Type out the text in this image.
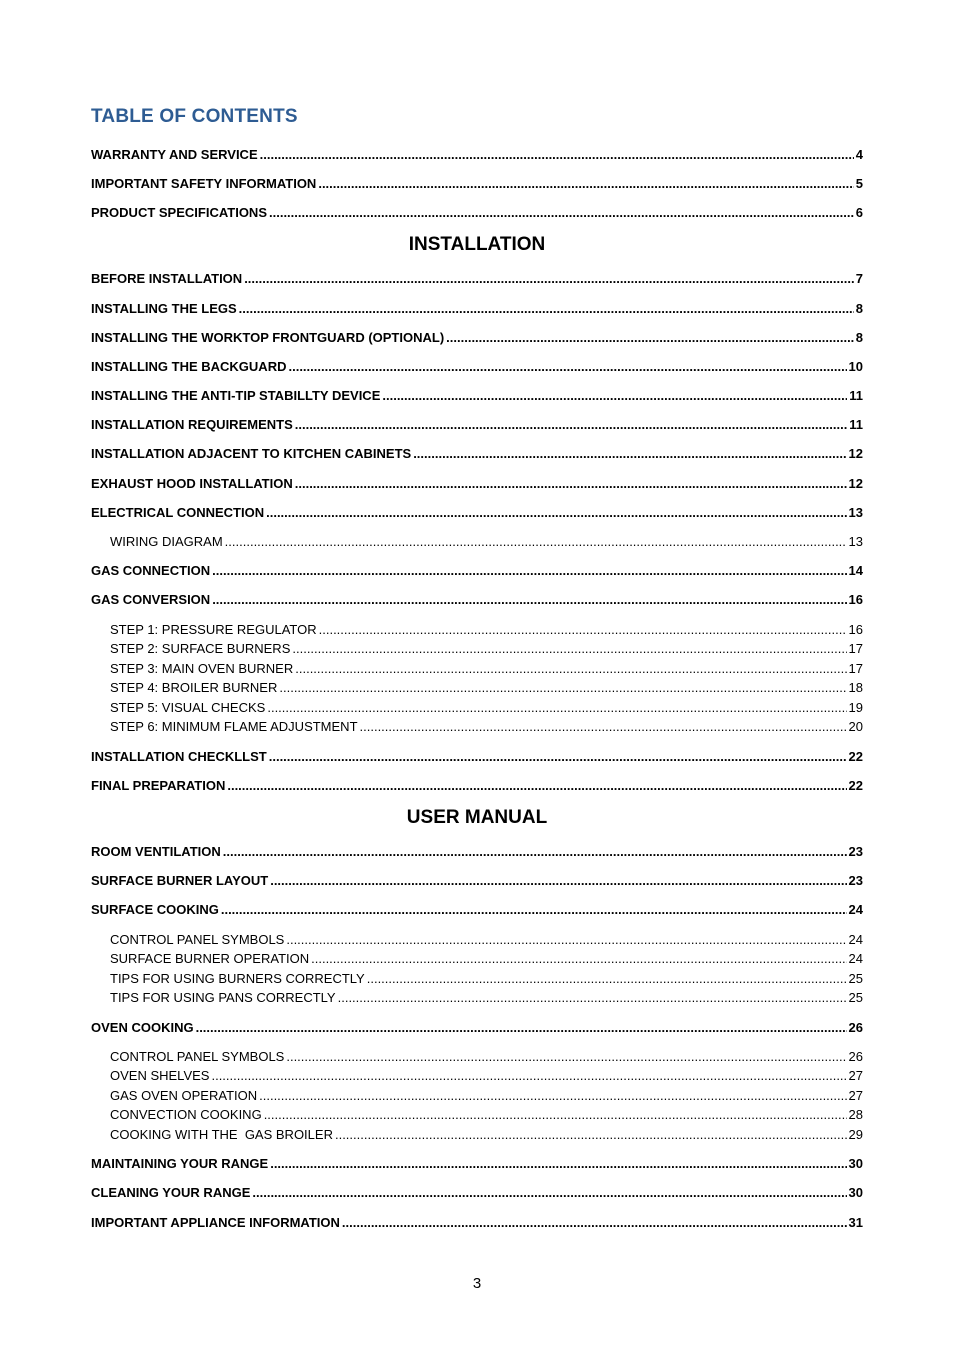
TABLE OF CONTENTS
WARRANTY AND SERVICE .....	4
IMPORTANT SAFETY INFORMATION .....	5
PRODUCT SPECIFICATIONS .....	6
INSTALLATION
BEFORE INSTALLATION .....	7
INSTALLING THE LEGS .....	8
INSTALLING THE WORKTOP FRONTGUARD (OPTIONAL) .....	8
INSTALLING THE BACKGUARD .....	10
INSTALLING THE ANTI-TIP STABILLTY DEVICE .....	11
INSTALLATION REQUIREMENTS .....	11
INSTALLATION ADJACENT TO KITCHEN CABINETS .....	12
EXHAUST HOOD INSTALLATION .....	12
ELECTRICAL CONNECTION .....	13
WIRING DIAGRAM .....	13
GAS CONNECTION .....	14
GAS CONVERSION .....	16
STEP 1: PRESSURE REGULATOR .....	16
STEP 2: SURFACE BURNERS .....	17
STEP 3: MAIN OVEN BURNER .....	17
STEP 4: BROILER BURNER .....	18
STEP 5: VISUAL CHECKS .....	19
STEP 6: MINIMUM FLAME ADJUSTMENT .....	20
INSTALLATION CHECKLLST .....	22
FINAL PREPARATION .....	22
USER MANUAL
ROOM VENTILATION .....	23
SURFACE BURNER LAYOUT .....	23
SURFACE COOKING .....	24
CONTROL PANEL SYMBOLS .....	24
SURFACE BURNER OPERATION .....	24
TIPS FOR USING BURNERS CORRECTLY .....	25
TIPS FOR USING PANS CORRECTLY .....	25
OVEN COOKING .....	26
CONTROL PANEL SYMBOLS .....	26
OVEN SHELVES .....	27
GAS OVEN OPERATION .....	27
CONVECTION COOKING .....	28
COOKING WITH THE  GAS BROILER .....	29
MAINTAINING YOUR RANGE .....	30
CLEANING YOUR RANGE .....	30
IMPORTANT APPLIANCE INFORMATION .....	31
3
